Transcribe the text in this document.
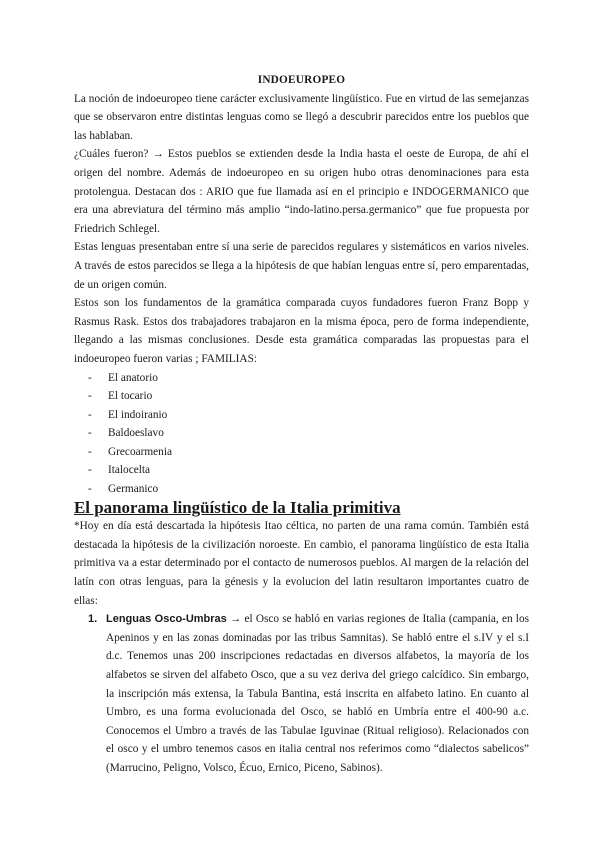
INDOEUROPEO

La noción de indoeuropeo tiene carácter exclusivamente lingüístico. Fue en virtud de las semejanzas que se observaron entre distintas lenguas como se llegó a descubrir parecidos entre los pueblos que las hablaban.

¿Cuáles fueron? → Estos pueblos se extienden desde la India hasta el oeste de Europa, de ahí el origen del nombre. Además de indoeuropeo en su origen hubo otras denominaciones para esta protolengua. Destacan dos : ARIO que fue llamada así en el principio e INDOGERMANICO que era una abreviatura del término más amplio “indo-latino.persa.germanico” que fue propuesta por Friedrich Schlegel.

Estas lenguas presentaban entre sí una serie de parecidos regulares y sistemáticos en varios niveles. A través de estos parecidos se llega a la hipótesis de que habían lenguas entre sí, pero emparentadas, de un origen común.

Estos son los fundamentos de la gramática comparada cuyos fundadores fueron Franz Bopp y Rasmus Rask. Estos dos trabajadores trabajaron en la misma época, pero de forma independiente, llegando a las mismas conclusiones. Desde esta gramática comparadas las propuestas para el indoeuropeo fueron varias ; FAMILIAS:

- El anatorio
- El tocario
- El indoiranio
- Baldoeslavo
- Grecoarmenia
- Italocelta
- Germanico
El panorama lingüístico de la Italia primitiva

*Hoy en día está descartada la hipótesis Itao céltica, no parten de una rama común. También está destacada la hipótesis de la civilización noroeste. En cambio, el panorama lingüístico de esta Italia primitiva va a estar determinado por el contacto de numerosos pueblos. Al margen de la relación del latín con otras lenguas, para la génesis y la evolucion del latin resultaron importantes cuatro de ellas:

1. Lenguas Osco-Umbras → el Osco se habló en varias regiones de Italia (campania, en los Apeninos y en las zonas dominadas por las tribus Samnitas). Se habló entre el s.IV y el s.I d.c. Tenemos unas 200 inscripciones redactadas en diversos alfabetos, la mayoría de los alfabetos se sirven del alfabeto Osco, que a su vez deriva del griego calcídico. Sin embargo, la inscripción más extensa, la Tabula Bantina, está inscrita en alfabeto latino. En cuanto al Umbro, es una forma evolucionada del Osco, se habló en Umbría entre el 400-90 a.c. Conocemos el Umbro a través de las Tabulae Iguvinae (Ritual religioso). Relacionados con el osco y el umbro tenemos casos en italia central nos referimos como “dialectos sabelicos” (Marrucino, Peligno, Volsco, Écuo, Ernico, Piceno, Sabinos).
